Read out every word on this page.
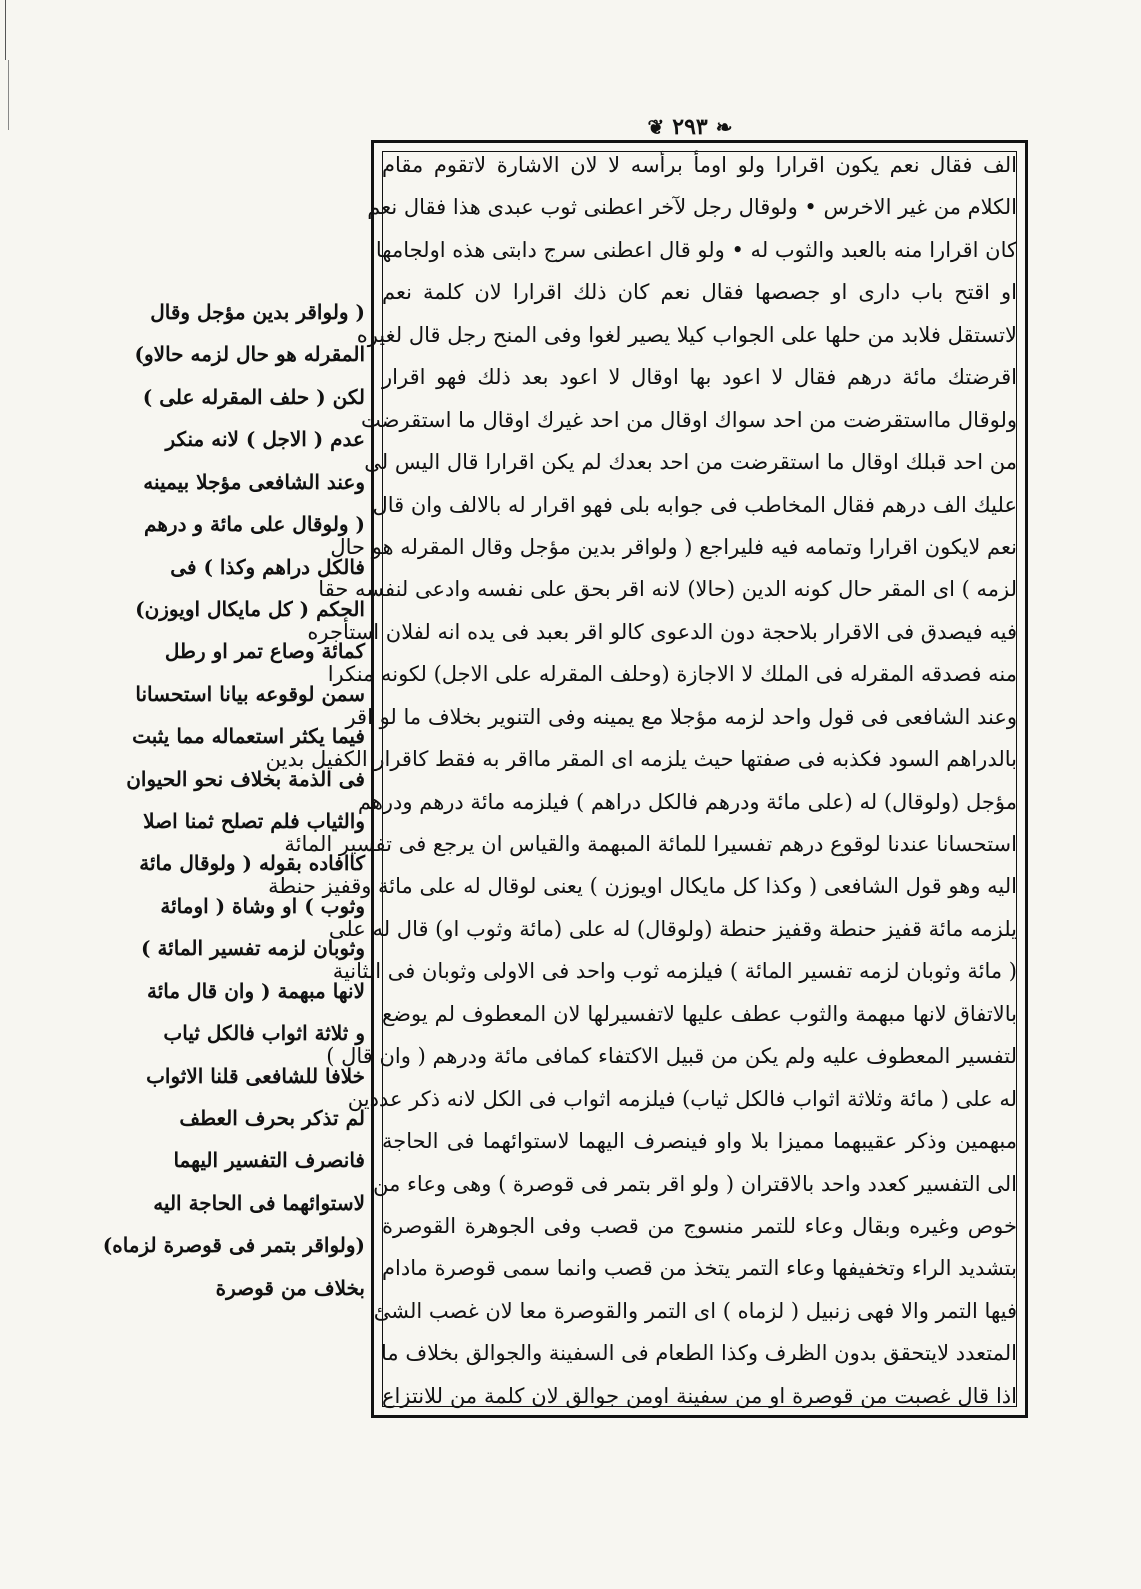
❦ ٢٩٣ ❧

الف فقال نعم يكون اقرارا ولو اومأ برأسه لا لان الاشارة لاتقوم مقام

الكلام من غير الاخرس • ولوقال رجل لآخر اعطنى ثوب عبدى هذا فقال نعم

كان اقرارا منه بالعبد والثوب له • ولو قال اعطنى سرج دابتى هذه اولجامها

او اقتح باب دارى او جصصها فقال نعم كان ذلك اقرارا لان كلمة نعم

لاتستقل فلابد من حلها على الجواب كيلا يصير لغوا وفى المنح رجل قال لغيره

اقرضتك مائة درهم فقال لا اعود بها اوقال لا اعود بعد ذلك فهو اقرار

ولوقال مااستقرضت من احد سواك اوقال من احد غيرك اوقال ما استقرضت

من احد قبلك اوقال ما استقرضت من احد بعدك لم يكن اقرارا قال اليس لى

عليك الف درهم فقال المخاطب فى جوابه بلى فهو اقرار له بالالف وان قال

نعم لايكون اقرارا وتمامه فيه فليراجع ( ولواقر بدين مؤجل وقال المقرله هو حال

لزمه ) اى المقر حال كونه الدين (حالا) لانه اقر بحق على نفسه وادعى لنفسه حقا

فيه فيصدق فى الاقرار بلاحجة دون الدعوى كالو اقر بعبد فى يده انه لفلان استأجره

منه فصدقه المقرله فى الملك لا الاجازة (وحلف المقرله على الاجل) لكونه منكرا

وعند الشافعى فى قول واحد لزمه مؤجلا مع يمينه وفى التنوير بخلاف ما لو اقر

بالدراهم السود فكذبه فى صفتها حيث يلزمه اى المقر مااقر به فقط كاقرار الكفيل بدين

مؤجل (ولوقال) له (على مائة ودرهم فالكل دراهم ) فيلزمه مائة درهم ودرهم

استحسانا عندنا لوقوع درهم تفسيرا للمائة المبهمة والقياس ان يرجع فى تفسير المائة

اليه وهو قول الشافعى ( وكذا كل مايكال اويوزن ) يعنى لوقال له على مائة وقفيز حنطة

يلزمه مائة قفيز حنطة وقفيز حنطة (ولوقال) له على (مائة وثوب او) قال له على

( مائة وثوبان لزمه تفسير المائة ) فيلزمه ثوب واحد فى الاولى وثوبان فى الثانية

بالاتفاق لانها مبهمة والثوب عطف عليها لاتفسيرلها لان المعطوف لم يوضع

لتفسير المعطوف عليه ولم يكن من قبيل الاكتفاء كمافى مائة ودرهم ( وان قال )

له على ( مائة وثلاثة اثواب فالكل ثياب) فيلزمه اثواب فى الكل لانه ذكر عددين

مبهمين وذكر عقيبهما مميزا بلا واو فينصرف اليهما لاستوائهما فى الحاجة

الى التفسير كعدد واحد بالاقتران ( ولو اقر بتمر فى قوصرة ) وهى وعاء من

خوص وغيره وبقال وعاء للتمر منسوج من قصب وفى الجوهرة القوصرة

بتشديد الراء وتخفيفها وعاء التمر يتخذ من قصب وانما سمى قوصرة مادام

فيها التمر والا فهى زنبيل ( لزماه ) اى التمر والقوصرة معا لان غصب الشئ

المتعدد لايتحقق بدون الظرف وكذا الطعام فى السفينة والجوالق بخلاف ما

اذا قال غصبت من قوصرة او من سفينة اومن جوالق لان كلمة من للانتزاع

( ولواقر بدين مؤجل وقال

المقرله هو حال لزمه حالاو)

لكن ( حلف المقرله على )

عدم ( الاجل ) لانه منكر

وعند الشافعى مؤجلا بيمينه

( ولوقال على مائة و درهم

فالكل دراهم وكذا ) فى

الحكم ( كل مايكال اويوزن)

كمائة وصاع تمر او رطل

سمن لوقوعه بيانا استحسانا

فيما يكثر استعماله مما يثبت

فى الذمة بخلاف نحو الحيوان

والثياب فلم تصلح ثمنا اصلا

كاافاده بقوله ( ولوقال مائة

وثوب ) او وشاة ( اومائة

وثوبان لزمه تفسير المائة )

لانها مبهمة ( وان قال مائة

و ثلاثة اثواب فالكل ثياب

خلافا للشافعى قلنا الاثواب

لم تذكر بحرف العطف

فانصرف التفسير اليهما

لاستوائهما فى الحاجة اليه

(ولواقر بتمر فى قوصرة لزماه)

بخلاف من قوصرة
